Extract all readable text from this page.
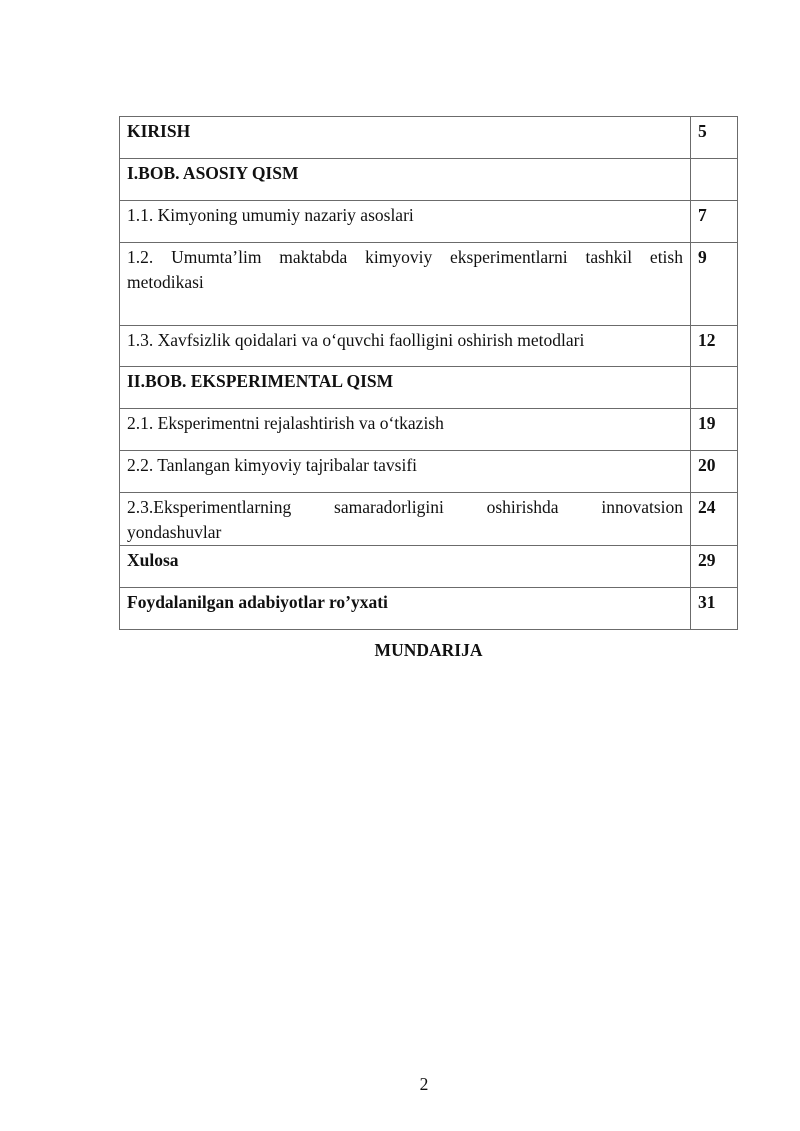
KIRISH	5
I.BOB. ASOSIY QISM	
1.1. Kimyoning umumiy nazariy asoslari	7

1.2. Umumta’lim maktabda kimyoviy eksperimentlarni tashkil etish
metodikasi	9
1.3. Xavfsizlik qoidalari va o‘quvchi faolligini oshirish metodlari	12
II.BOB. EKSPERIMENTAL QISM	
2.1. Eksperimentni rejalashtirish va o‘tkazish	19
2.2. Tanlangan kimyoviy tajribalar tavsifi	20

2.3.Eksperimentlarning samaradorligini oshirishda innovatsion
yondashuvlar	24
Xulosa	29
Foydalanilgan adabiyotlar ro’yxati	31
MUNDARIJA
2
